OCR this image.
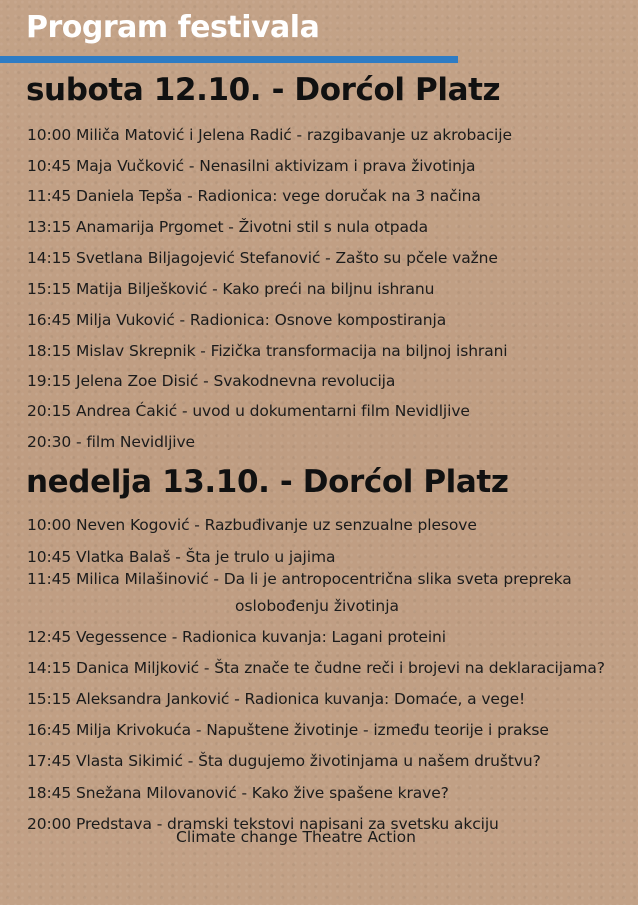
Program festivala
subota 12.10. - Dorćol Platz
10:00 Miliča Matović i Jelena Radić - razgibavanje uz akrobacije
10:45 Maja Vučković - Nenasilni aktivizam i prava životinja
11:45 Daniela Tepša - Radionica: vege doručak na 3 načina
13:15 Anamarija Prgomet - Životni stil s nula otpada
14:15 Svetlana Biljagojević Stefanović - Zašto su pčele važne
15:15 Matija Bilješković - Kako preći na biljnu ishranu
16:45 Milja Vuković - Radionica: Osnove kompostiranja
18:15 Mislav Skrepnik - Fizička transformacija na biljnoj ishrani
19:15 Jelena Zoe Disić - Svakodnevna revolucija
20:15 Andrea Ćakić - uvod u dokumentarni film Nevidljive
20:30 - film Nevidljive
nedelja 13.10. - Dorćol Platz
10:00 Neven Kogović - Razbuđivanje uz senzualne plesove
10:45 Vlatka Balaš - Šta je trulo u jajima
11:45 Milica Milašinović - Da li je antropocentrična slika sveta prepreka
oslobođenju životinja
12:45 Vegessence - Radionica kuvanja: Lagani proteini
14:15 Danica Miljković - Šta znače te čudne reči i brojevi na deklaracijama?
15:15 Aleksandra Janković - Radionica kuvanja: Domaće, a vege!
16:45 Milja Krivokuća - Napuštene životinje - između teorije i prakse
17:45 Vlasta Sikimić - Šta dugujemo životinjama u našem društvu?
18:45 Snežana Milovanović - Kako žive spašene krave?
20:00 Predstava - dramski tekstovi napisani za svetsku akciju
Climate change Theatre Action
